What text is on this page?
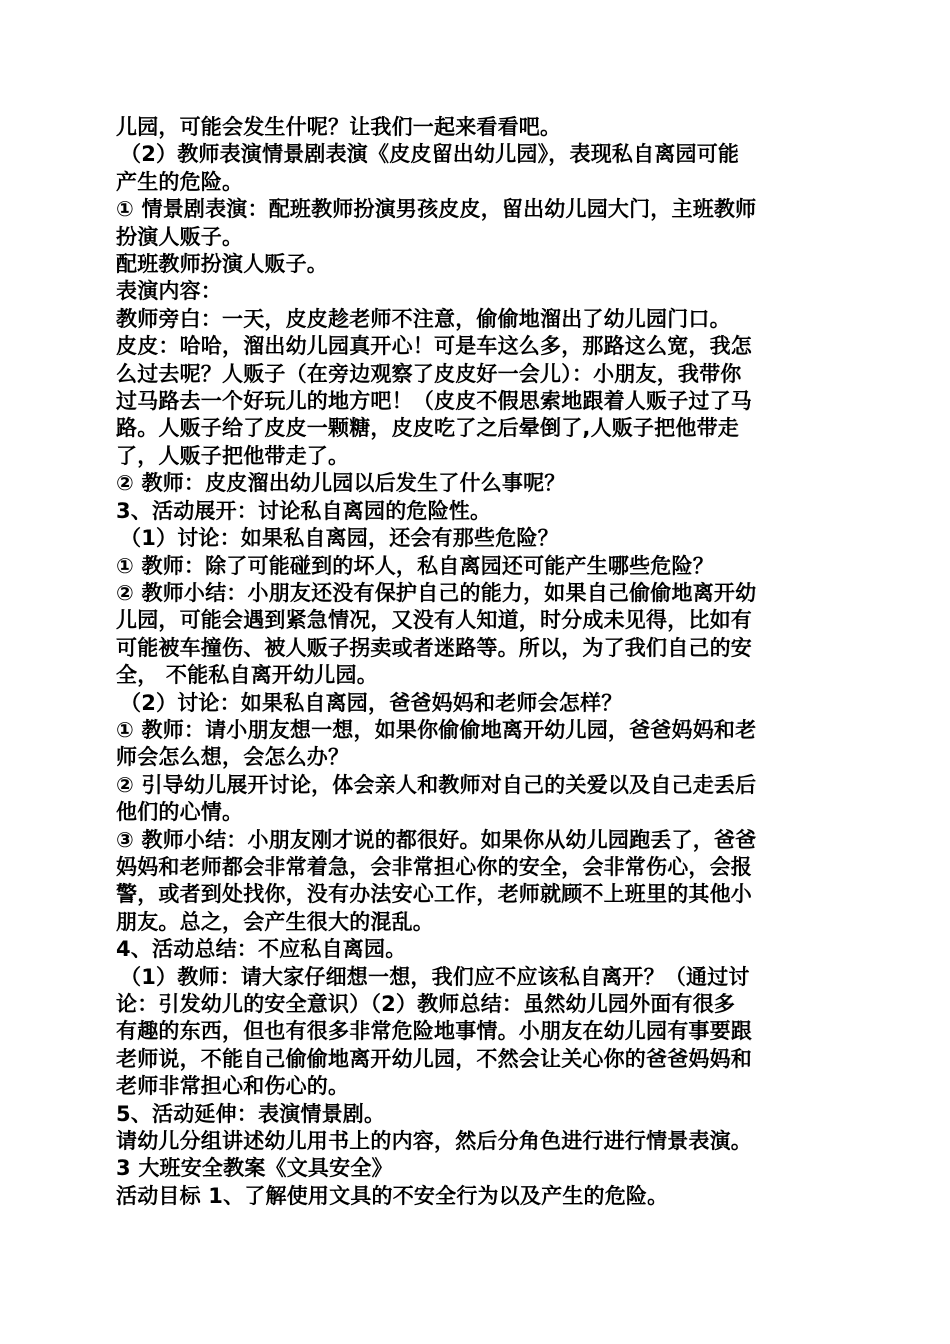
儿园，可能会发生什呢？让我们一起来看看吧。
（2）教师表演情景剧表演《皮皮留出幼儿园》，表现私自离园可能
产生的危险。
① 情景剧表演：配班教师扮演男孩皮皮，留出幼儿园大门，主班教师
扮演人贩子。
配班教师扮演人贩子。
表演内容：
教师旁白：一天，皮皮趁老师不注意，偷偷地溜出了幼儿园门口。
皮皮：哈哈，溜出幼儿园真开心！可是车这么多，那路这么宽，我怎
么过去呢？人贩子（在旁边观察了皮皮好一会儿）：小朋友，我带你
过马路去一个好玩儿的地方吧！（皮皮不假思索地跟着人贩子过了马
路。人贩子给了皮皮一颗糖，皮皮吃了之后晕倒了,人贩子把他带走
了，人贩子把他带走了。
② 教师：皮皮溜出幼儿园以后发生了什么事呢？
3、活动展开：讨论私自离园的危险性。
（1）讨论：如果私自离园，还会有那些危险？
① 教师：除了可能碰到的坏人，私自离园还可能产生哪些危险？
② 教师小结：小朋友还没有保护自己的能力，如果自己偷偷地离开幼
儿园，可能会遇到紧急情况，又没有人知道，时分成未见得，比如有
可能被车撞伤、被人贩子拐卖或者迷路等。所以，为了我们自己的安
全， 不能私自离开幼儿园。
（2）讨论：如果私自离园，爸爸妈妈和老师会怎样？
① 教师：请小朋友想一想，如果你偷偷地离开幼儿园，爸爸妈妈和老
师会怎么想，会怎么办？
② 引导幼儿展开讨论，体会亲人和教师对自己的关爱以及自己走丢后
他们的心情。
③ 教师小结：小朋友刚才说的都很好。如果你从幼儿园跑丢了，爸爸
妈妈和老师都会非常着急，会非常担心你的安全，会非常伤心，会报
警，或者到处找你，没有办法安心工作，老师就顾不上班里的其他小
朋友。总之，会产生很大的混乱。
4、活动总结：不应私自离园。
（1）教师：请大家仔细想一想，我们应不应该私自离开？（通过讨
论：引发幼儿的安全意识）（2）教师总结：虽然幼儿园外面有很多
有趣的东西，但也有很多非常危险地事情。小朋友在幼儿园有事要跟
老师说，不能自己偷偷地离开幼儿园，不然会让关心你的爸爸妈妈和
老师非常担心和伤心的。
5、活动延伸：表演情景剧。
请幼儿分组讲述幼儿用书上的内容，然后分角色进行进行情景表演。
3 大班安全教案《文具安全》
活动目标 1、了解使用文具的不安全行为以及产生的危险。
